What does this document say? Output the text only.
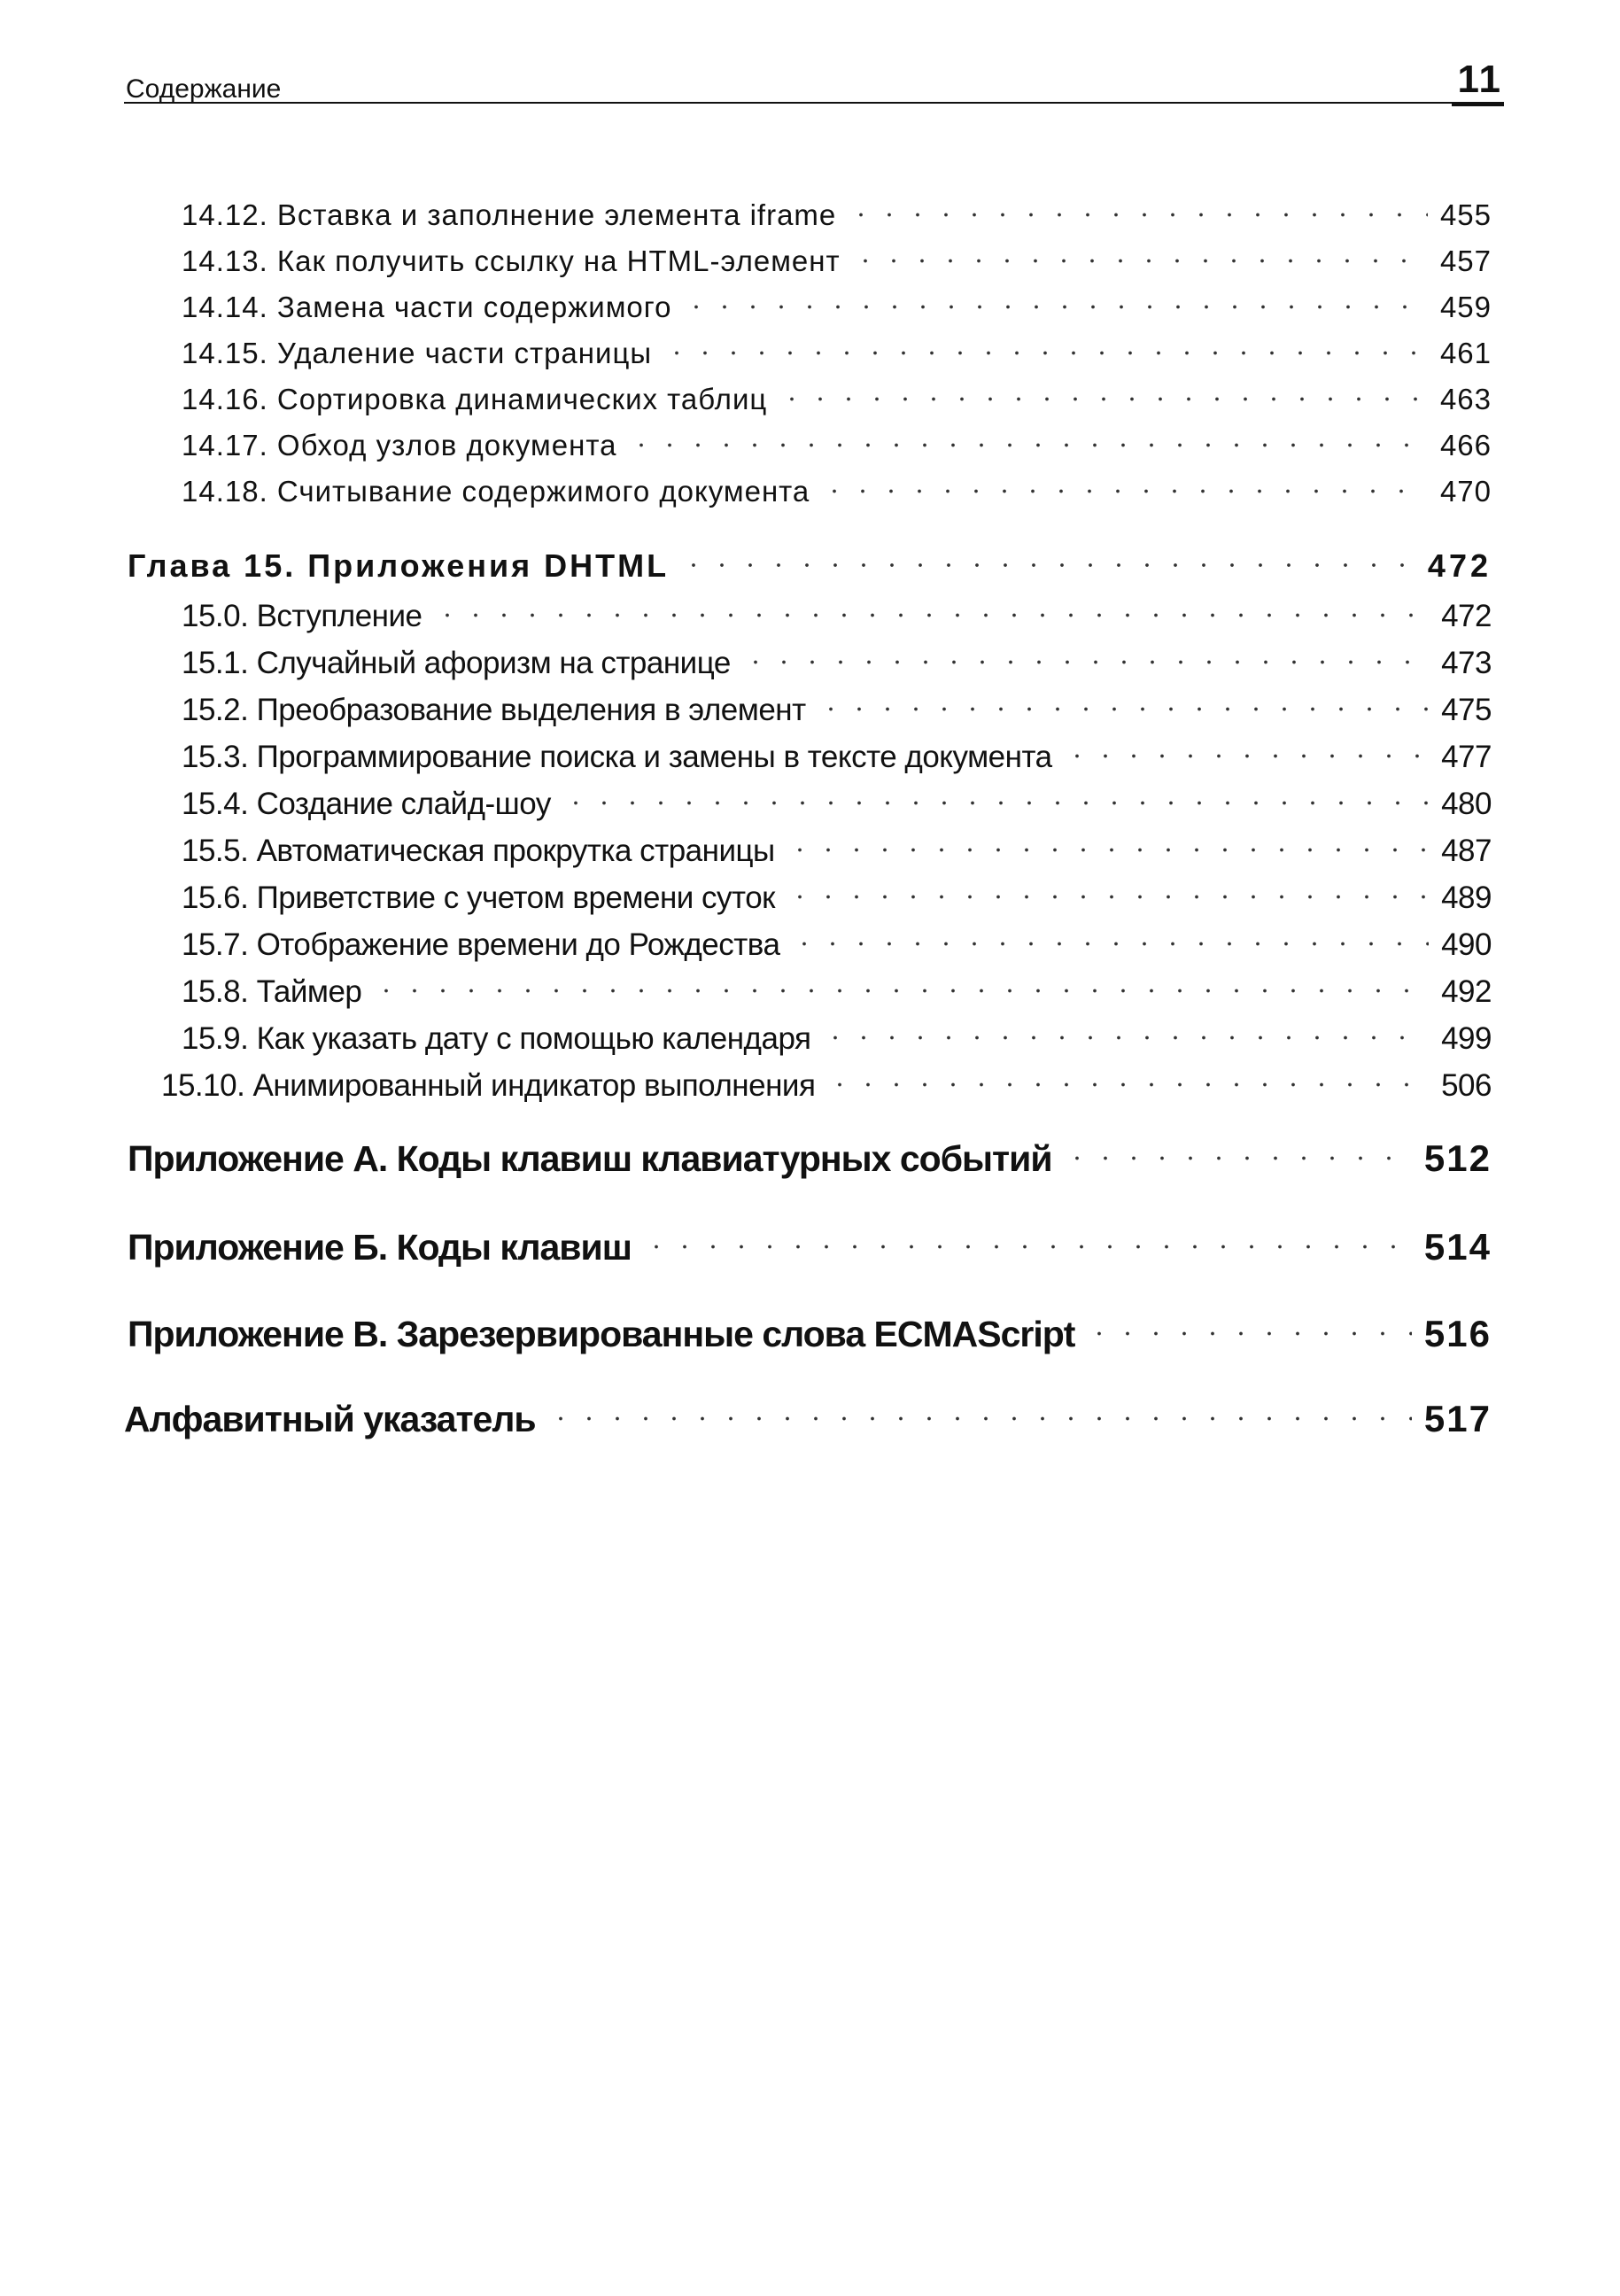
Содержание	11
14.12. Вставка и заполнение элемента iframe	455
14.13. Как получить ссылку на HTML-элемент	457
14.14. Замена части содержимого	459
14.15. Удаление части страницы	461
14.16. Сортировка динамических таблиц	463
14.17. Обход узлов документа	466
14.18. Считывание содержимого документа	470
Глава 15. Приложения DHTML	472
15.0. Вступление	472
15.1. Случайный афоризм на странице	473
15.2. Преобразование выделения в элемент	475
15.3. Программирование поиска и замены в тексте документа	477
15.4. Создание слайд-шоу	480
15.5. Автоматическая прокрутка страницы	487
15.6. Приветствие с учетом времени суток	489
15.7. Отображение времени до Рождества	490
15.8. Таймер	492
15.9. Как указать дату с помощью календаря	499
15.10. Анимированный индикатор выполнения	506
Приложение А. Коды клавиш клавиатурных событий	512
Приложение Б. Коды клавиш	514
Приложение В. Зарезервированные слова ECMAScript	516
Алфавитный указатель	517
